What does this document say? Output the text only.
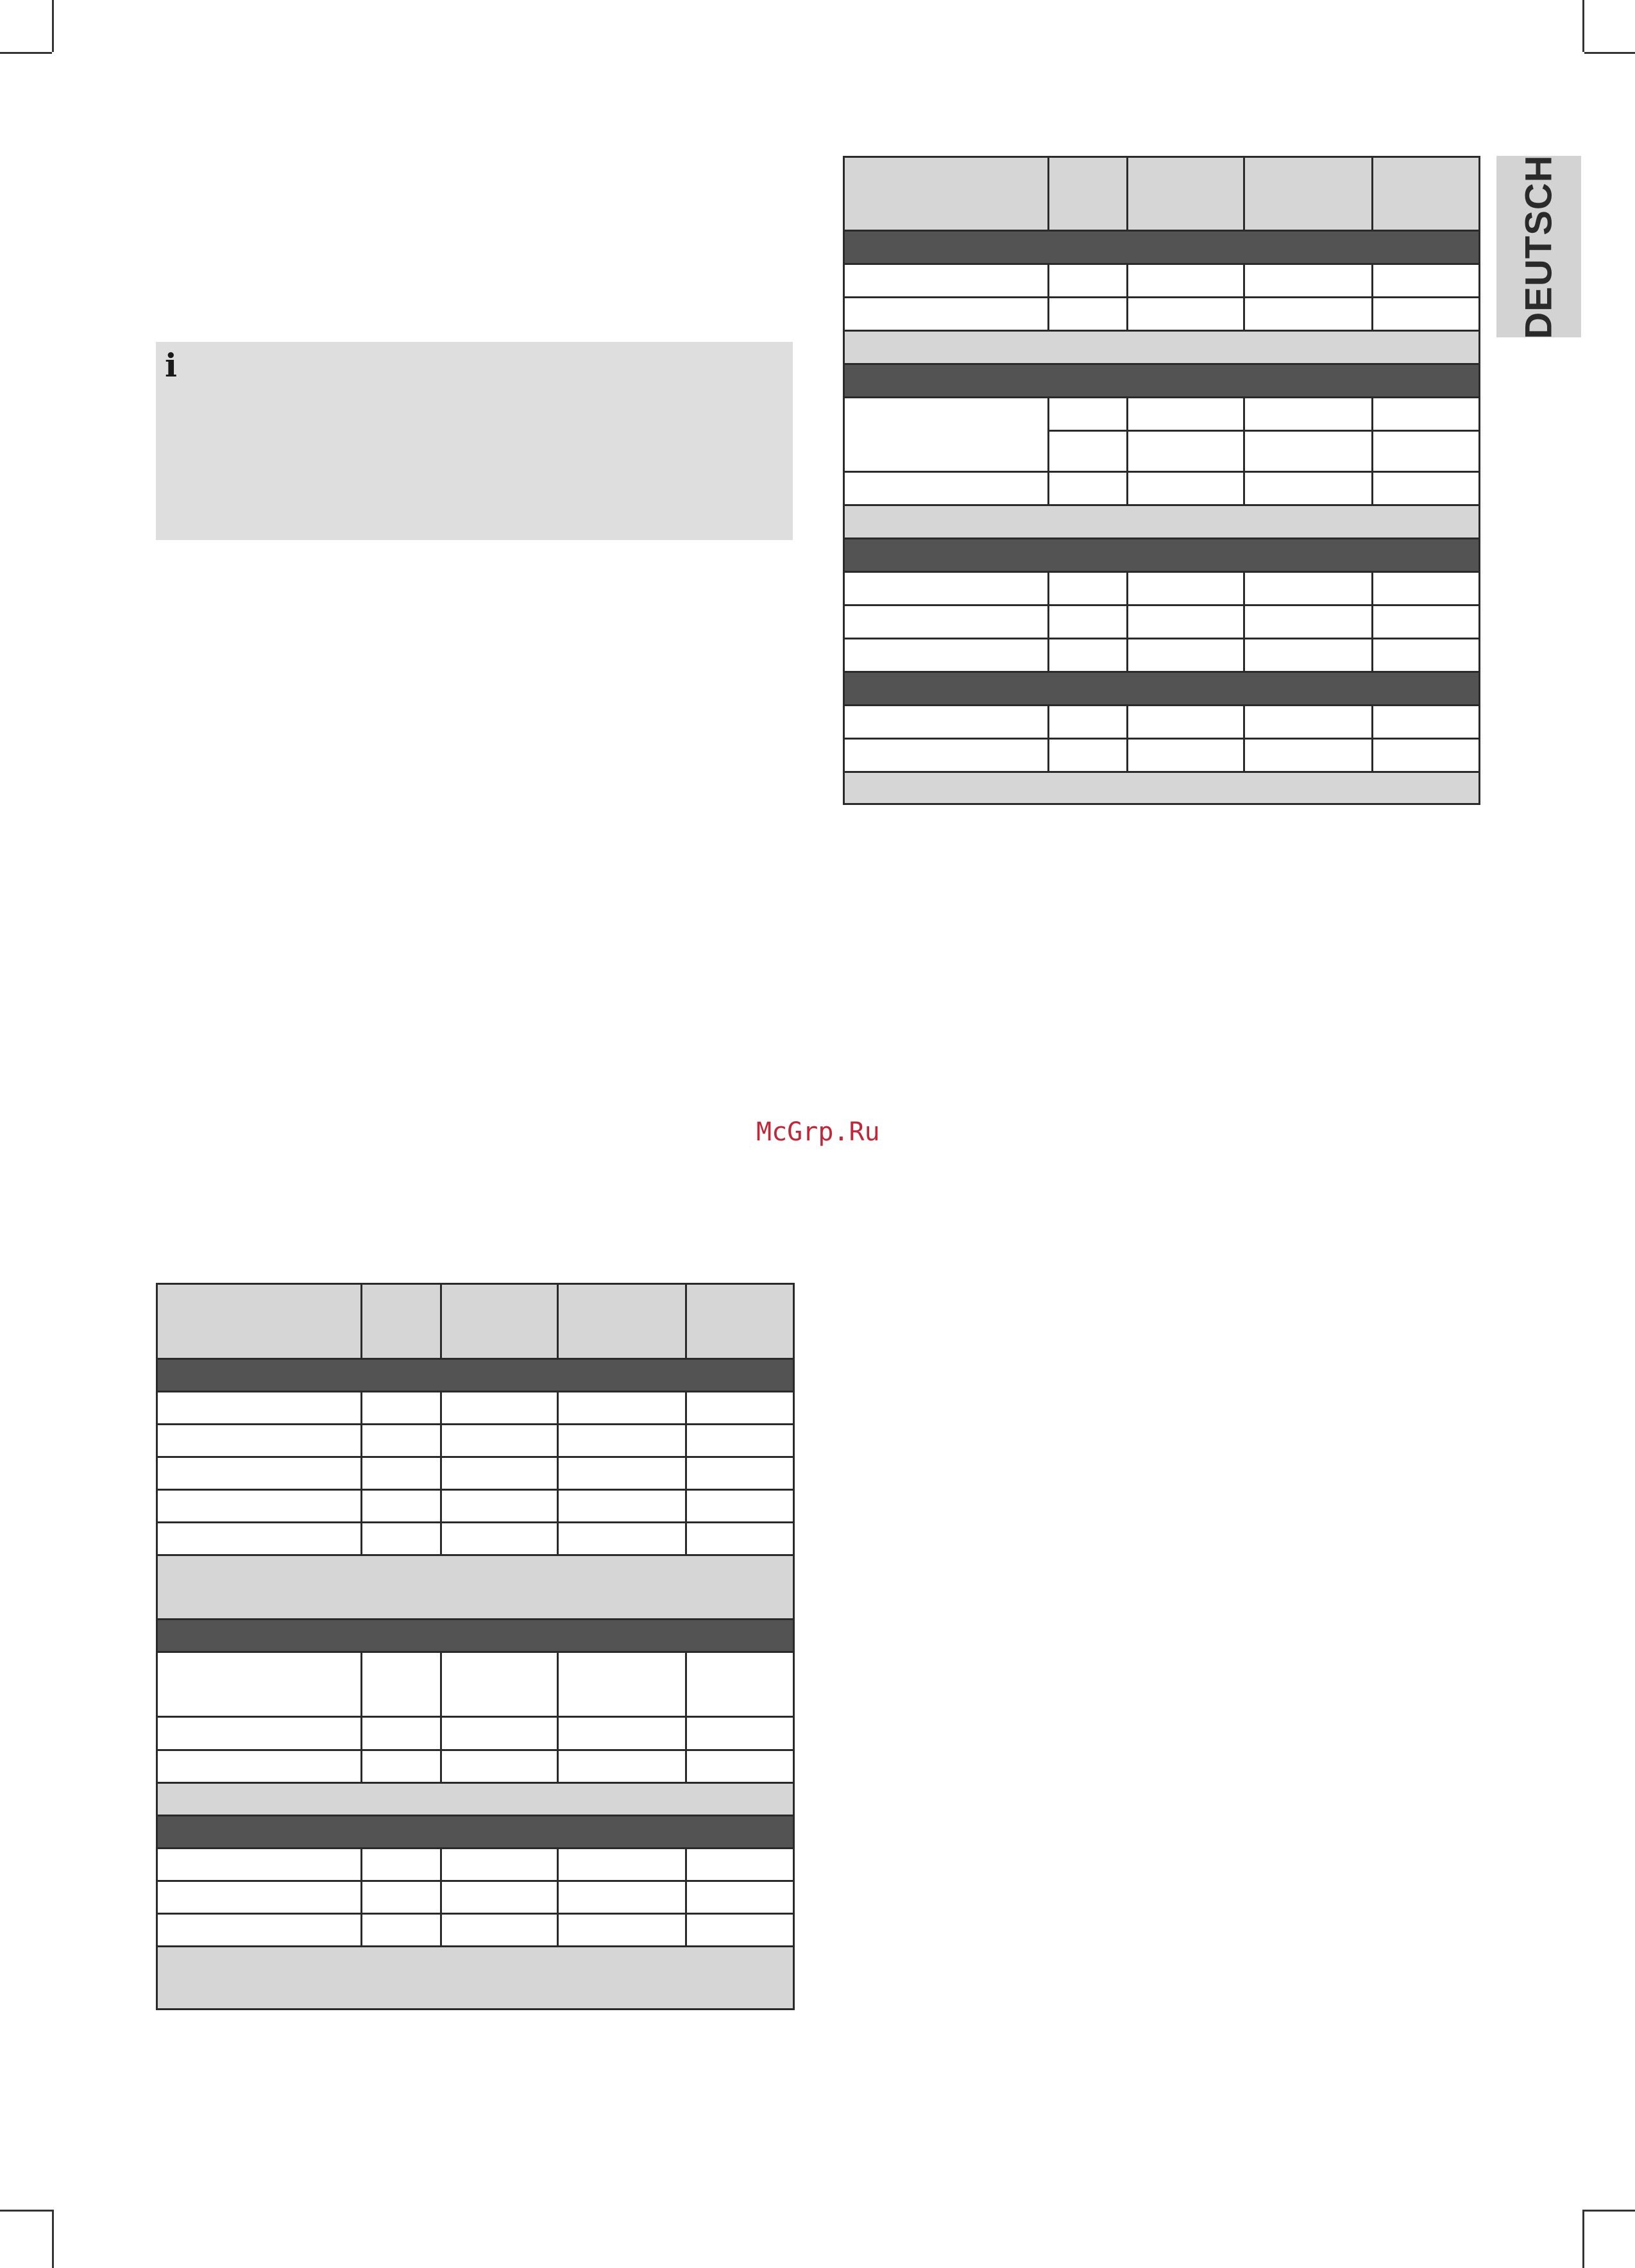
DEUTSCH
i
McGrp.Ru
